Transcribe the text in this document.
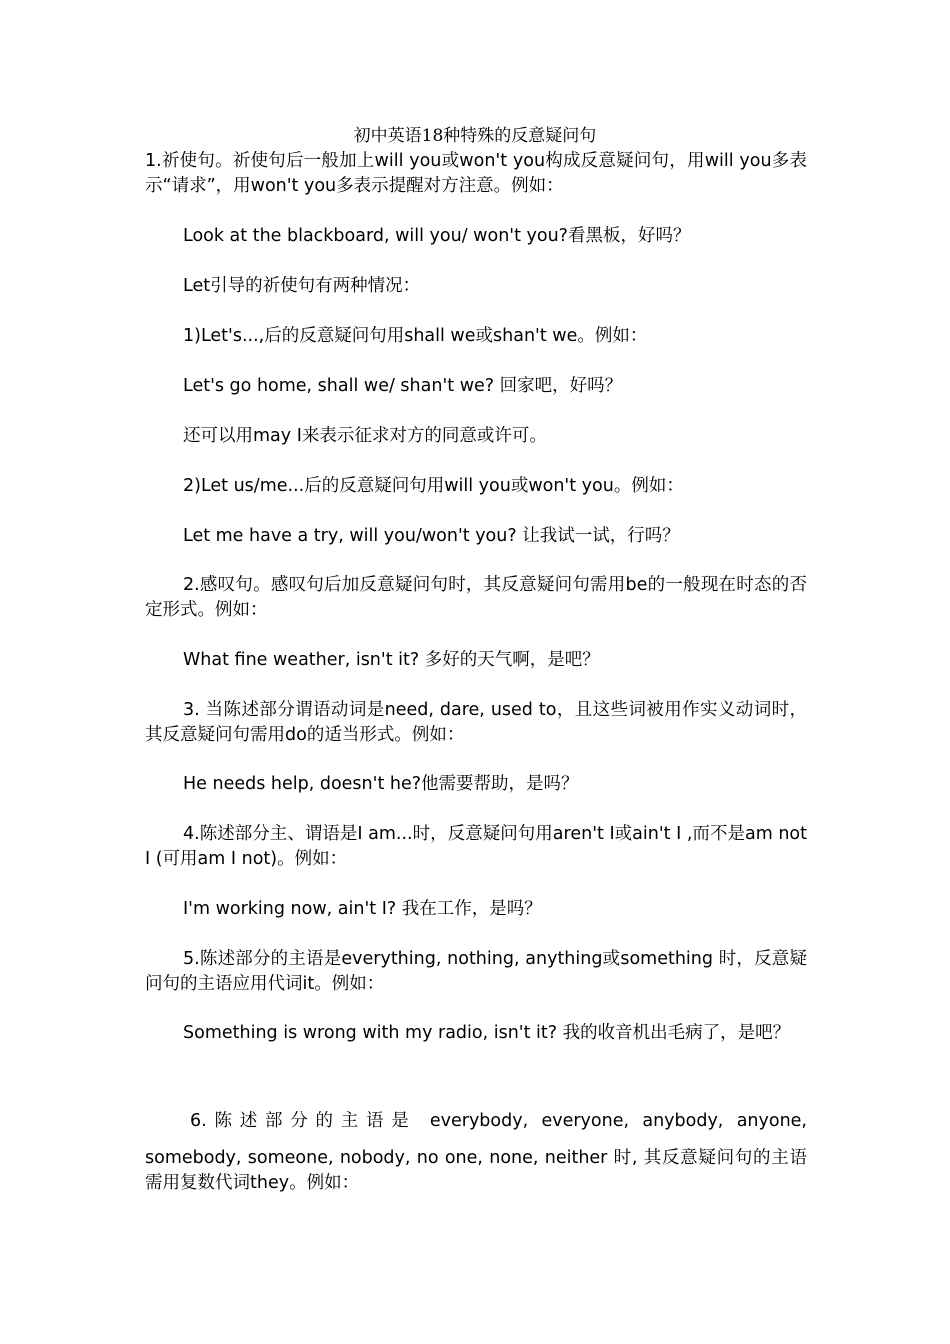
初中英语18种特殊的反意疑问句

1.祈使句。祈使句后一般加上will you或won't you构成反意疑问句，用will you多表示“请求”，用won't you多表示提醒对方注意。例如：

Look at the blackboard, will you/ won't you?看黑板，好吗？

Let引导的祈使句有两种情况：

1)Let's...,后的反意疑问句用shall we或shan't we。例如：

Let's go home, shall we/ shan't we? 回家吧，好吗？

还可以用may I来表示征求对方的同意或许可。

2)Let us/me...后的反意疑问句用will you或won't you。例如：

Let me have a try, will you/won't you? 让我试一试，行吗？

2.感叹句。感叹句后加反意疑问句时，其反意疑问句需用be的一般现在时态的否定形式。例如：

What fine weather, isn't it? 多好的天气啊，是吧？

3. 当陈述部分谓语动词是need, dare, used to，且这些词被用作实义动词时，其反意疑问句需用do的适当形式。例如：

He needs help, doesn't he?他需要帮助，是吗？

4.陈述部分主、谓语是I am...时，反意疑问句用aren't I或ain't I ,而不是am not I (可用am I not)。例如：

I'm working now, ain't I? 我在工作，是吗？

5.陈述部分的主语是everything, nothing, anything或something 时，反意疑问句的主语应用代词it。例如：

Something is wrong with my radio, isn't it? 我的收音机出毛病了，是吧？

6.陈述部分的主语是 everybody, everyone, anybody, anyone,

somebody, someone, nobody, no one, none, neither 时, 其反意疑问句的主语需用复数代词they。例如：
